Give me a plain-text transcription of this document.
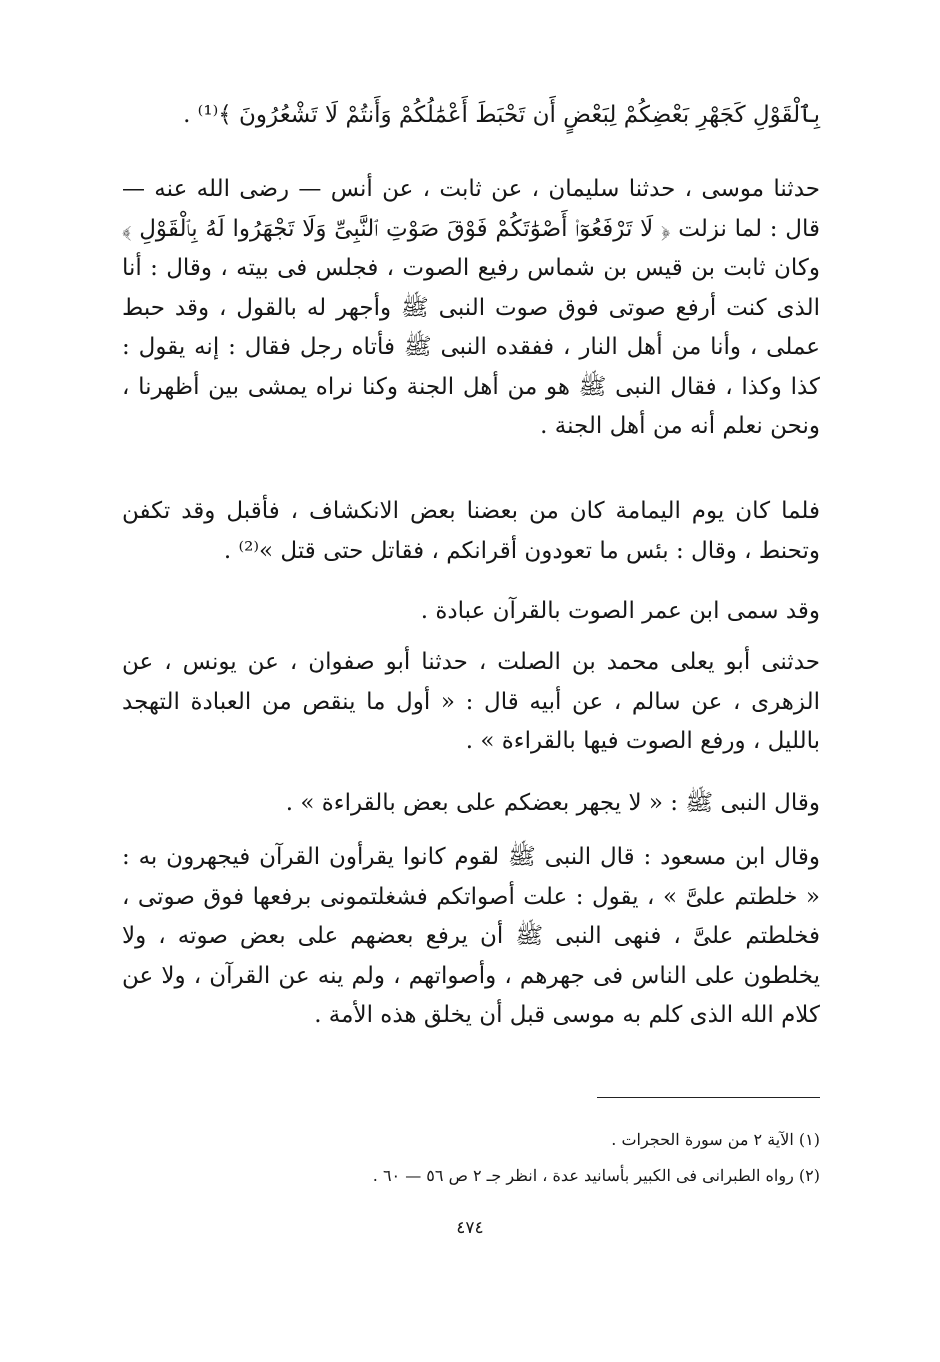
بِٱلْقَوْلِ كَجَهْرِ بَعْضِكُمْ لِبَعْضٍ أَن تَحْبَطَ أَعْمَٰلُكُمْ وَأَنتُمْ لَا تَشْعُرُونَ ﴾⁽¹⁾ .

حدثنا موسى ، حدثنا سليمان ، عن ثابت ، عن أنس — رضى الله عنه — قال : لما نزلت ﴿ لَا تَرْفَعُوٓا۟ أَصْوَٰتَكُمْ فَوْقَ صَوْتِ ٱلنَّبِىِّ وَلَا تَجْهَرُوا لَهُ بِٱلْقَوْلِ ﴾ وكان ثابت بن قيس بن شماس رفيع الصوت ، فجلس فى بيته ، وقال : أنا الذى كنت أرفع صوتى فوق صوت النبى ﷺ وأجهر له بالقول ، وقد حبط عملى ، وأنا من أهل النار ، ففقده النبى ﷺ فأتاه رجل فقال : إنه يقول : كذا وكذا ، فقال النبى ﷺ هو من أهل الجنة وكنا نراه يمشى بين أظهرنا ، ونحن نعلم أنه من أهل الجنة .

فلما كان يوم اليمامة كان من بعضنا بعض الانكشاف ، فأقبل وقد تكفن وتحنط ، وقال : بئس ما تعودون أقرانكم ، فقاتل حتى قتل »⁽²⁾ .

وقد سمى ابن عمر الصوت بالقرآن عبادة .

حدثنى أبو يعلى محمد بن الصلت ، حدثنا أبو صفوان ، عن يونس ، عن الزهرى ، عن سالم ، عن أبيه قال : « أول ما ينقص من العبادة التهجد بالليل ، ورفع الصوت فيها بالقراءة » .

وقال النبى ﷺ : « لا يجهر بعضكم على بعض بالقراءة » .

وقال ابن مسعود : قال النبى ﷺ لقوم كانوا يقرأون القرآن فيجهرون به : « خلطتم علىَّ » ، يقول : علت أصواتكم فشغلتمونى برفعها فوق صوتى ، فخلطتم علىَّ ، فنهى النبى ﷺ أن يرفع بعضهم على بعض صوته ، ولا يخلطون على الناس فى جهرهم ، وأصواتهم ، ولم ينه عن القرآن ، ولا عن كلام الله الذى كلم به موسى قبل أن يخلق هذه الأمة .

(١) الآية ٢ من سورة الحجرات .

(٢) رواه الطبرانى فى الكبير بأسانيد عدة ، انظر جـ ٢ ص ٥٦ — ٦٠ .

٤٧٤
